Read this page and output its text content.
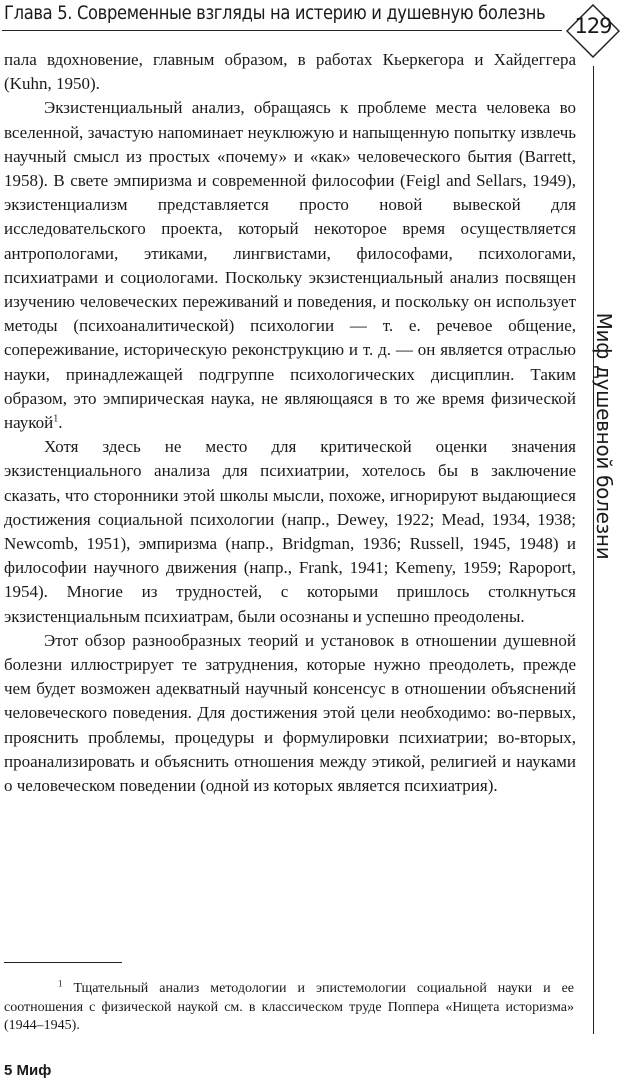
Глава 5. Современные взгляды на истерию и душевную болезнь
129
Миф душевной болезни

пала вдохновение, главным образом, в работах Кьеркегора и Хайдеггера (Kuhn, 1950).

Экзистенциальный анализ, обращаясь к проблеме места человека во вселенной, зачастую напоминает неуклюжую и напыщенную попытку извлечь научный смысл из простых «почему» и «как» человеческого бытия (Barrett, 1958). В свете эмпиризма и современной философии (Feigl and Sellars, 1949), экзистенциализм представляется просто новой вывеской для исследовательского проекта, который некоторое время осуществляется антропологами, этиками, лингвистами, философами, психологами, психиатрами и социологами. Поскольку экзистенциальный анализ посвящен изучению человеческих переживаний и поведения, и поскольку он использует методы (психоаналитической) психологии — т. е. речевое общение, сопереживание, историческую реконструкцию и т. д. — он является отраслью науки, принадлежащей подгруппе психологических дисциплин. Таким образом, это эмпирическая наука, не являющаяся в то же время физической наукой$^1$.

Хотя здесь не место для критической оценки значения экзистенциального анализа для психиатрии, хотелось бы в заключение сказать, что сторонники этой школы мысли, похоже, игнорируют выдающиеся достижения социальной психологии (напр., Dewey, 1922; Mead, 1934, 1938; Newcomb, 1951), эмпиризма (напр., Bridgman, 1936; Russell, 1945, 1948) и философии научного движения (напр., Frank, 1941; Kemeny, 1959; Rapoport, 1954). Многие из трудностей, с которыми пришлось столкнуться экзистенциальным психиатрам, были осознаны и успешно преодолены.

Этот обзор разнообразных теорий и установок в отношении душевной болезни иллюстрирует те затруднения, которые нужно преодолеть, прежде чем будет возможен адекватный научный консенсус в отношении объяснений человеческого поведения. Для достижения этой цели необходимо: во-первых, прояснить проблемы, процедуры и формулировки психиатрии; во-вторых, проанализировать и объяснить отношения между этикой, религией и науками о человеческом поведении (одной из которых является психиатрия).

$^1$ Тщательный анализ методологии и эпистемологии социальной науки и ее соотношения с физической наукой см. в классическом труде Поппера «Нищета историзма» (1944–1945).
5 Миф
